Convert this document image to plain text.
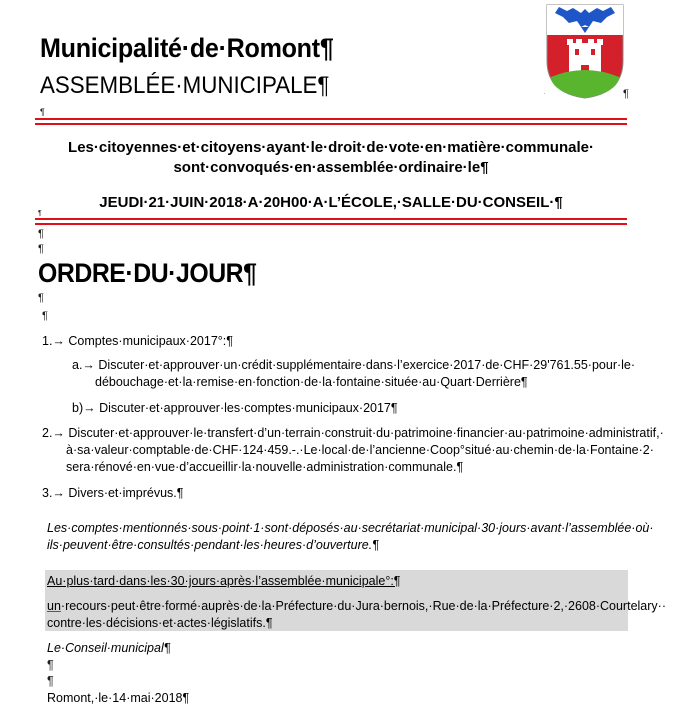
.	¶
Municipalité·de·Romont¶
ASSEMBLÉE·MUNICIPALE¶
¶
Les·citoyennes·et·citoyens·ayant·le·droit·de·vote·en·matière·communale·
sont·convoqués·en·assemblée·ordinaire·le¶
JEUDI·21·JUIN·2018·A·20H00·A·L’ÉCOLE,·SALLE·DU·CONSEIL·¶
¶
¶
¶
ORDRE·DU·JOUR¶
¶
¶
1.→ Comptes·municipaux·2017°:¶
a.→ Discuter·et·approuver·un·crédit·supplémentaire·dans·l’exercice·2017·de·CHF·29'761.55·pour·le·
débouchage·et·la·remise·en·fonction·de·la·fontaine·située·au·Quart·Derrière¶
b)→ Discuter·et·approuver·les·comptes·municipaux·2017¶
2.→ Discuter·et·approuver·le·transfert·d’un·terrain·construit·du·patrimoine·financier·au·patrimoine·administratif,·
à·sa·valeur·comptable·de·CHF·124·459.-.·Le·local·de·l’ancienne·Coop°situé·au·chemin·de·la·Fontaine·2·
sera·rénové·en·vue·d’accueillir·la·nouvelle·administration·communale.¶
3.→ Divers·et·imprévus.¶
Les·comptes·mentionnés·sous·point·1·sont·déposés·au·secrétariat·municipal·30·jours·avant·l’assemblée·où·
ils·peuvent·être·consultés·pendant·les·heures·d’ouverture.¶
Au·plus·tard·dans·les·30·jours·après·l’assemblée·municipale°:¶
un·recours·peut·être·formé·auprès·de·la·Préfecture·du·Jura·bernois,·Rue·de·la·Préfecture·2,·2608·Courtelary··
contre·les·décisions·et·actes·législatifs.¶
Le·Conseil·municipal¶
¶
¶
Romont,·le·14·mai·2018¶
